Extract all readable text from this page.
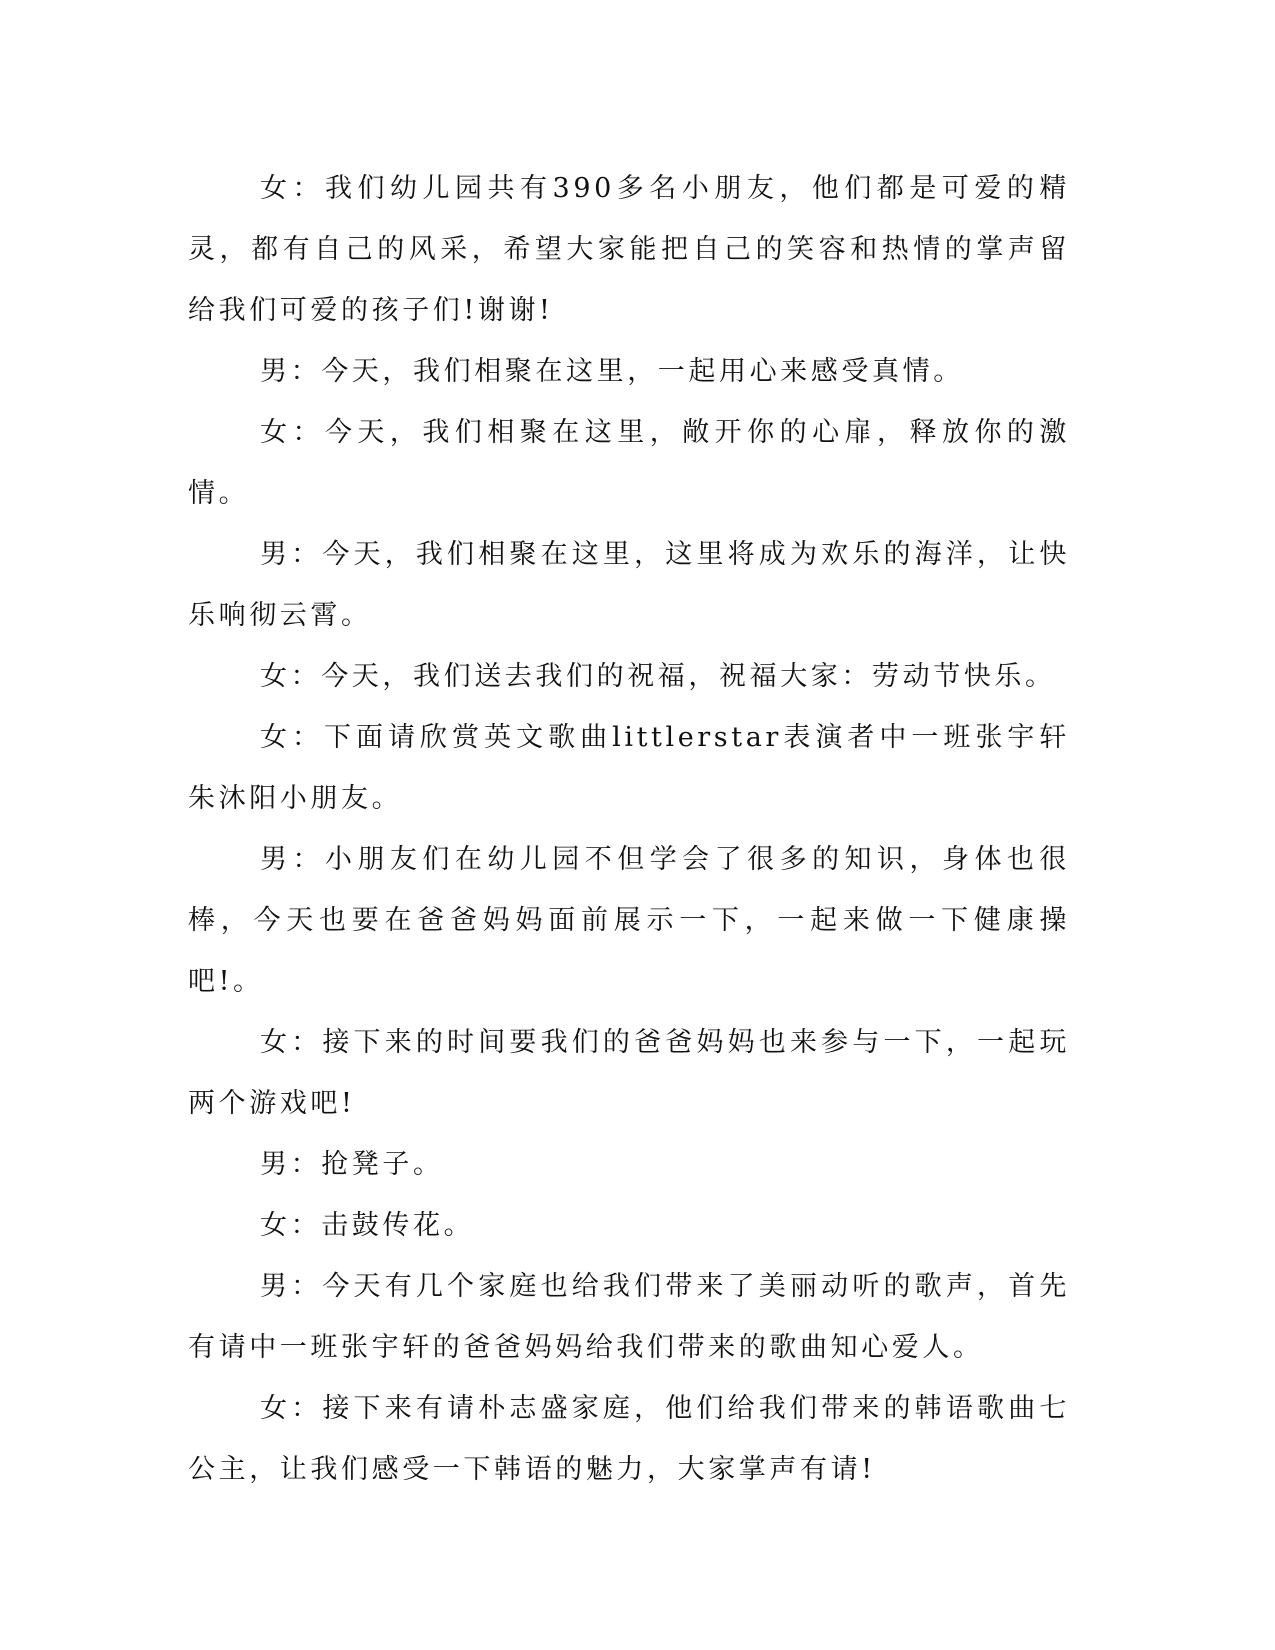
女：我们幼儿园共有390多名小朋友，他们都是可爱的精灵，都有自己的风采，希望大家能把自己的笑容和热情的掌声留给我们可爱的孩子们!谢谢!

男：今天，我们相聚在这里，一起用心来感受真情。

女：今天，我们相聚在这里，敞开你的心扉，释放你的激情。

男：今天，我们相聚在这里，这里将成为欢乐的海洋，让快乐响彻云霄。

女：今天，我们送去我们的祝福，祝福大家：劳动节快乐。

女：下面请欣赏英文歌曲littlerstar表演者中一班张宇轩朱沐阳小朋友。

男：小朋友们在幼儿园不但学会了很多的知识，身体也很棒，今天也要在爸爸妈妈面前展示一下，一起来做一下健康操吧!。

女：接下来的时间要我们的爸爸妈妈也来参与一下，一起玩两个游戏吧!

男：抢凳子。

女：击鼓传花。

男：今天有几个家庭也给我们带来了美丽动听的歌声，首先有请中一班张宇轩的爸爸妈妈给我们带来的歌曲知心爱人。

女：接下来有请朴志盛家庭，他们给我们带来的韩语歌曲七公主，让我们感受一下韩语的魅力，大家掌声有请!
